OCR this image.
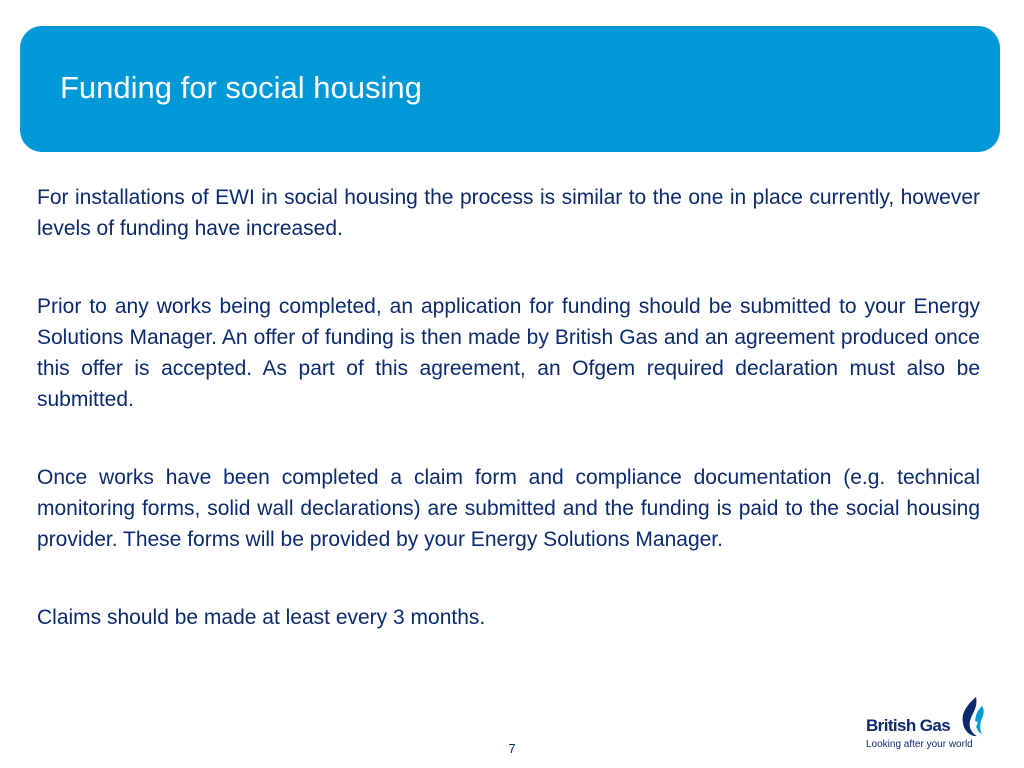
Funding for social housing

For installations of EWI in social housing the process is similar to the one in place currently, however levels of funding have increased.

Prior to any works being completed, an application for funding should be submitted to your Energy Solutions Manager. An offer of funding is then made by British Gas and an agreement produced once this offer is accepted. As part of this agreement, an Ofgem required declaration must also be submitted.

Once works have been completed a claim form and compliance documentation (e.g. technical monitoring forms, solid wall declarations) are submitted and the funding is paid to the social housing provider. These forms will be provided by your Energy Solutions Manager.

Claims should be made at least every 3 months.

7
British Gas
Looking after your world
